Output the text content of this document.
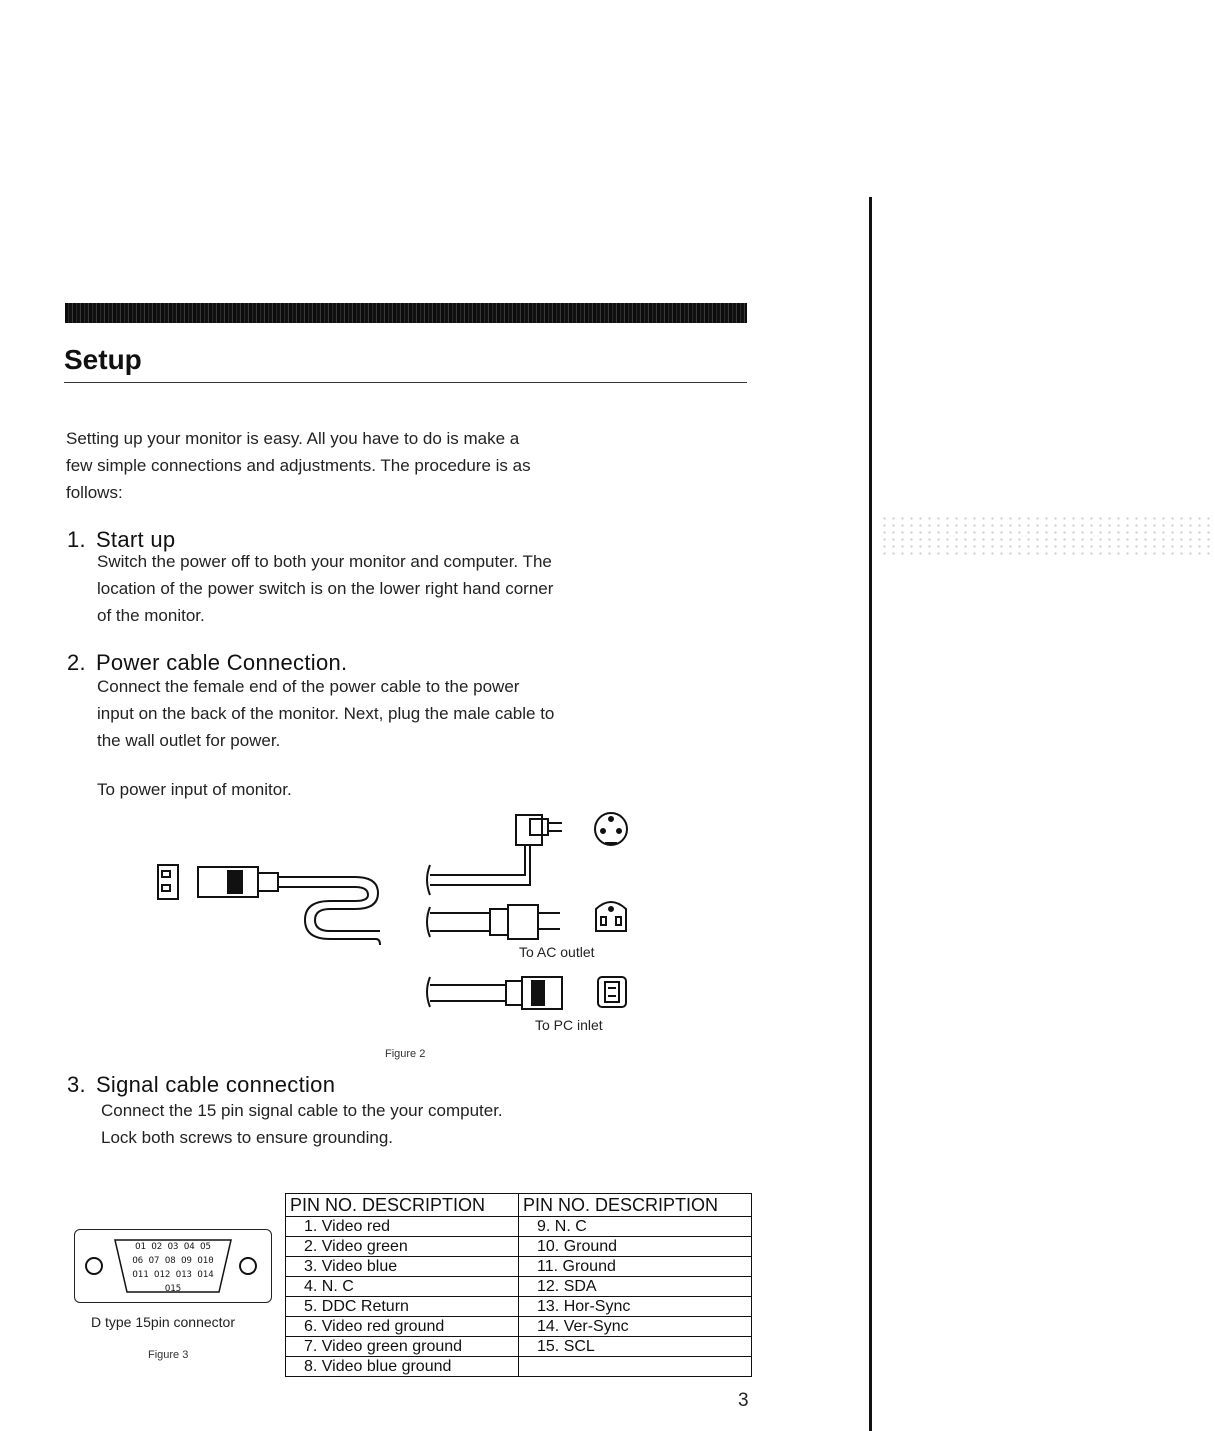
Setup
Setting up your monitor is easy. All you have to do is make a
few simple connections and adjustments. The procedure is as
follows:
1. Start up
Switch the power off to both your monitor and computer. The
location of the power switch is on the lower right hand corner
of the monitor.
2. Power cable Connection.
Connect the female end of the power cable to the power
input on the back of the monitor. Next, plug the male cable to
the wall outlet for power.
To power input of monitor.
To AC outlet
To PC inlet
Figure 2
3. Signal cable connection
Connect the 15 pin signal cable to the your computer.
Lock both screws to ensure grounding.
O1 O2 O3 O4 O5
O6 O7 O8 O9 O10
O11 O12 O13 O14 O15
D type 15pin connector
Figure 3
PIN NO. DESCRIPTION	PIN NO. DESCRIPTION
1. Video red	9. N. C
2. Video green	10. Ground
3. Video blue	11. Ground
4. N. C	12. SDA
5. DDC Return	13. Hor-Sync
6. Video red ground	14. Ver-Sync
7. Video green ground	15. SCL
8. Video blue ground	
3
